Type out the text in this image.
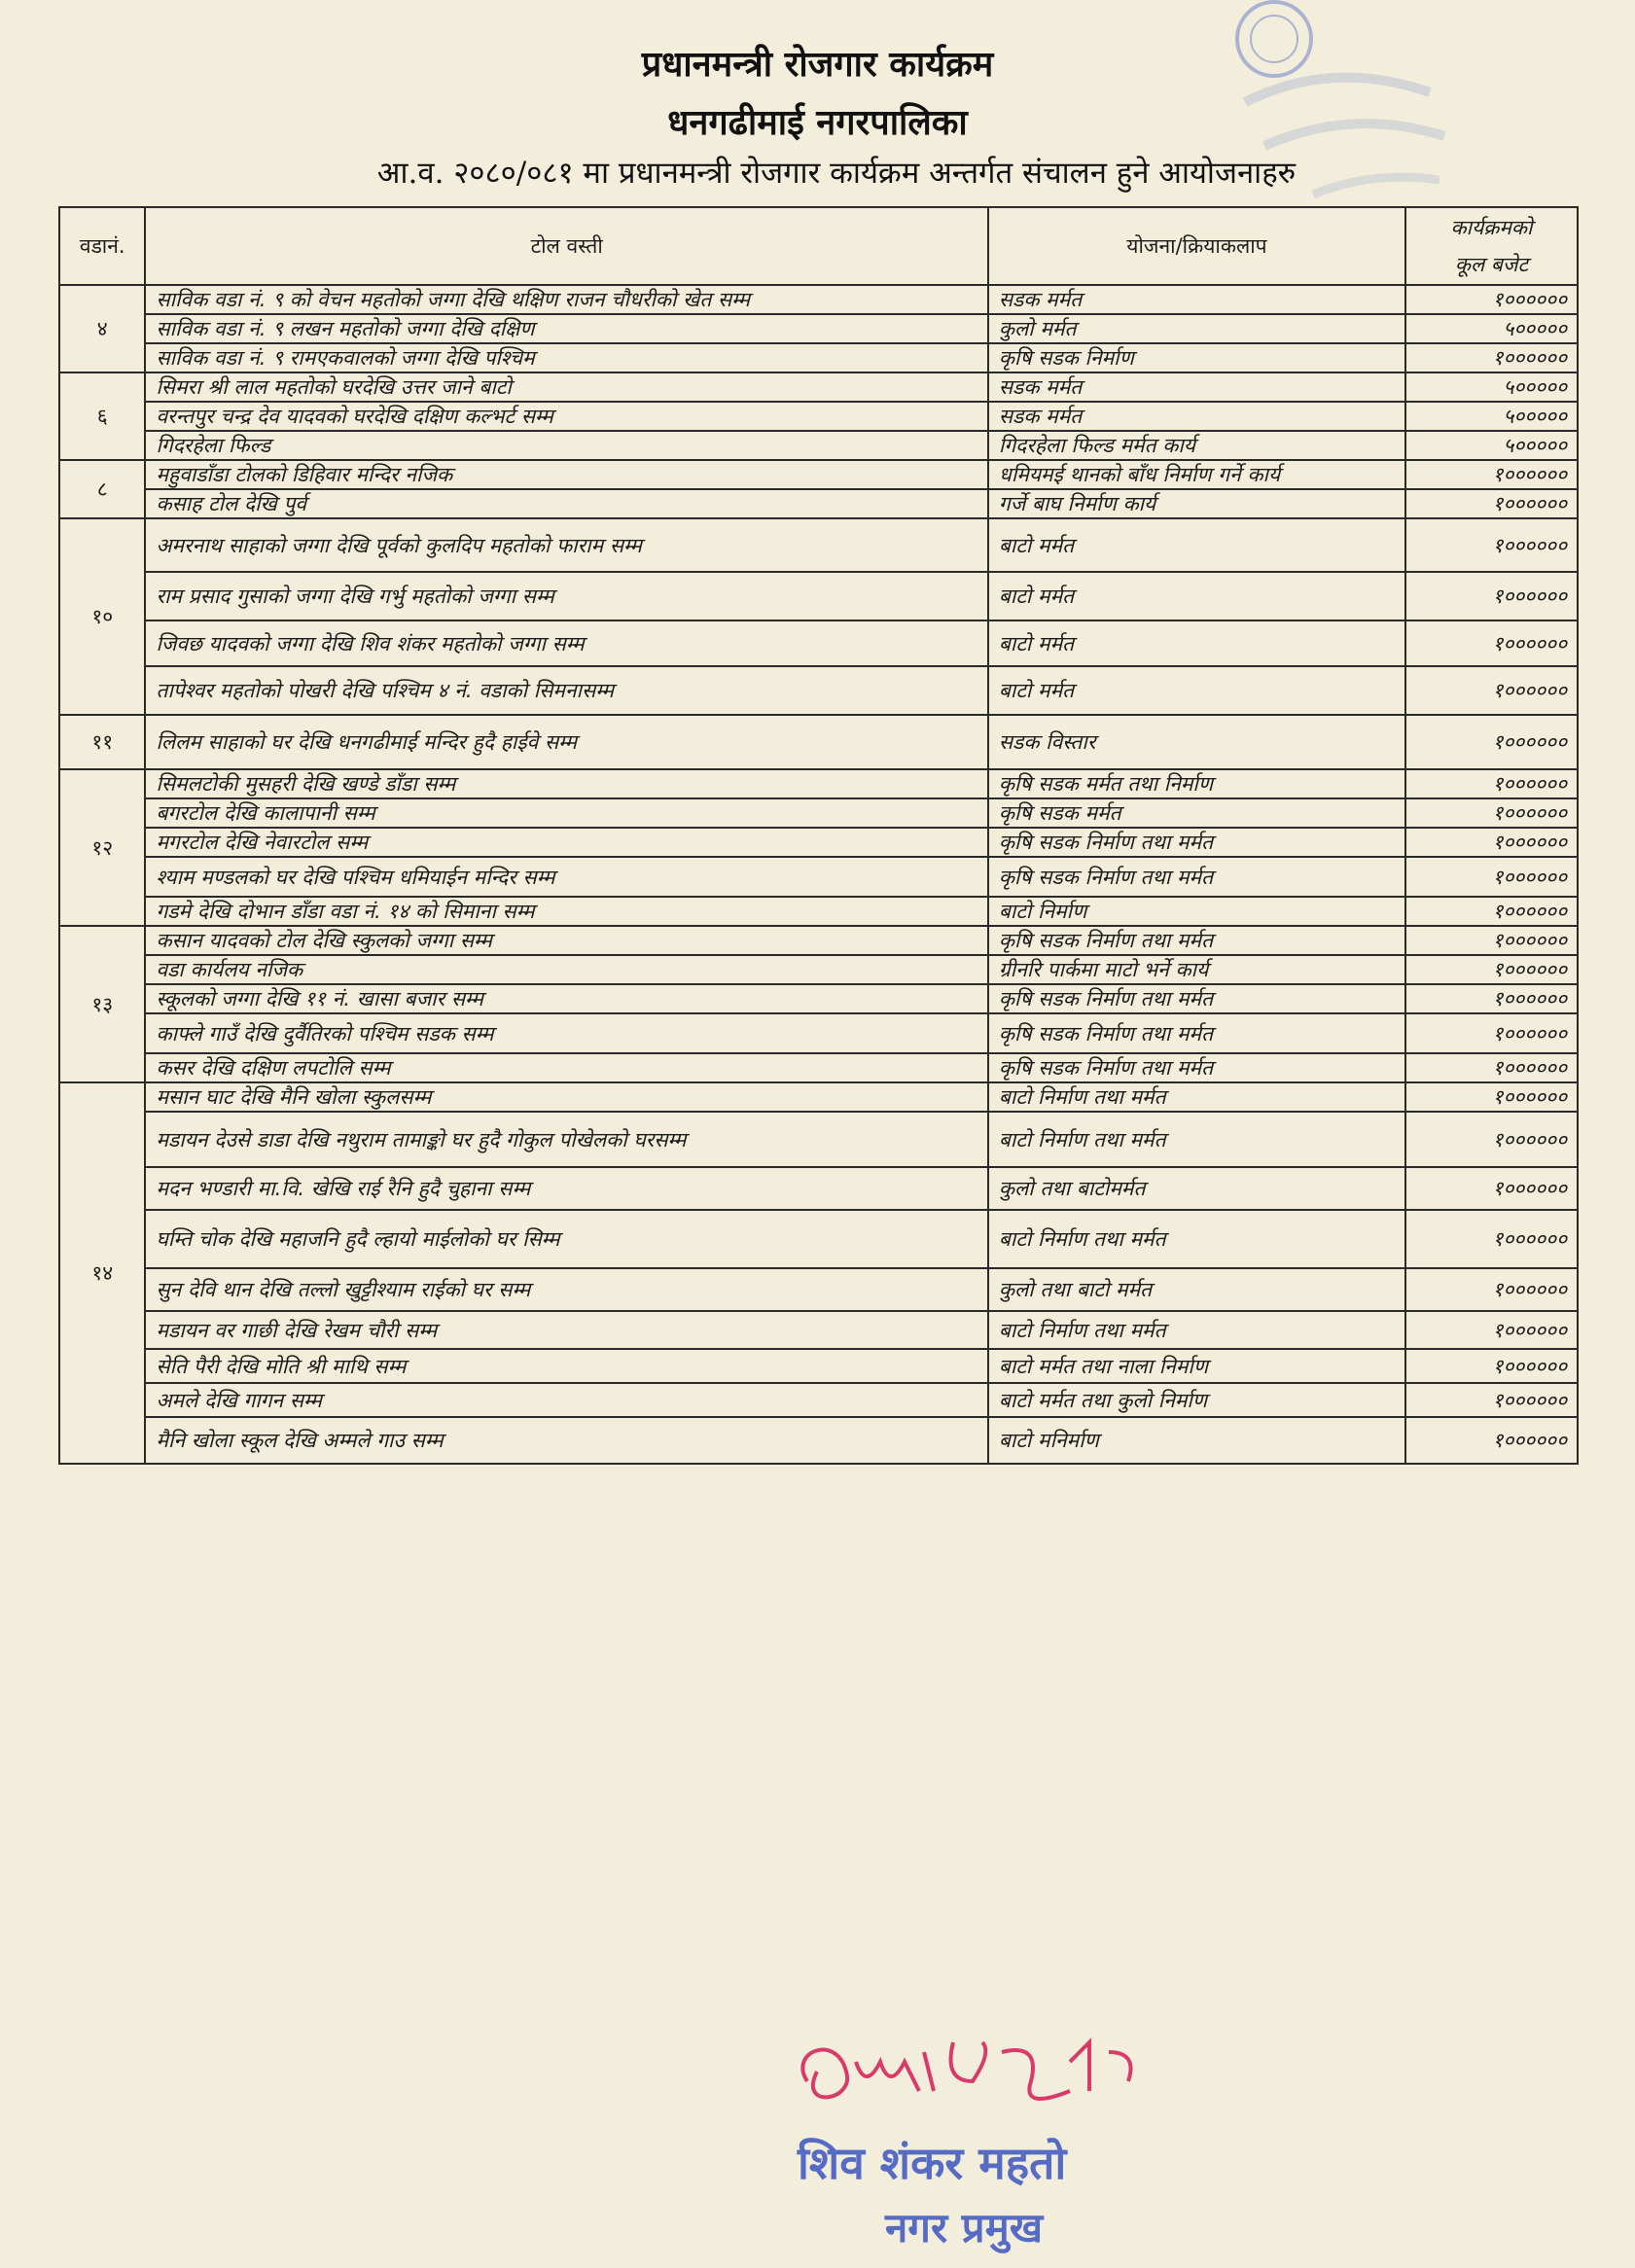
प्रधानमन्त्री रोजगार कार्यक्रम
धनगढीमाई नगरपालिका
आ.व. २०८०/०८१ मा प्रधानमन्त्री रोजगार कार्यक्रम अन्तर्गत संचालन हुने आयोजनाहरु
वडानं.	टोल वस्ती	योजना/क्रियाकलाप	कार्यक्रमको
कूल बजेट

४	साविक वडा नं. ९ को वेचन महतोको जग्गा देखि थक्षिण राजन चौधरीको खेत सम्म	सडक मर्मत	१००००००
	साविक वडा नं. ९ लखन महतोको जग्गा देखि दक्षिण	कुलो मर्मत	५०००००
	साविक वडा नं. ९ रामएकवालको जग्गा देखि पश्चिम	कृषि सडक निर्माण	१००००००
६	सिमरा श्री लाल महतोको घरदेखि उत्तर जाने बाटो	सडक मर्मत	५०००००
	वरन्तपुर चन्द्र देव यादवको घरदेखि दक्षिण कल्भर्ट सम्म	सडक मर्मत	५०००००
	गिदरहेला फिल्ड	गिदरहेला फिल्ड मर्मत कार्य	५०००००
८	महुवाडाँडा टोलको डिहिवार मन्दिर नजिक	धमियमई थानको बाँध निर्माण गर्ने कार्य	१००००००
	कसाह टोल देखि पुर्व	गर्जे बाघ निर्माण कार्य	१००००००
१०	अमरनाथ साहाको जग्गा देखि पूर्वको कुलदिप महतोको फाराम सम्म	बाटो मर्मत	१००००००
	राम प्रसाद गुसाको जग्गा देखि गर्भु महतोको जग्गा सम्म	बाटो मर्मत	१००००००
	जिवछ यादवको जग्गा देखि शिव शंकर महतोको जग्गा सम्म	बाटो मर्मत	१००००००
	तापेश्वर महतोको पोखरी देखि पश्चिम ४ नं. वडाको सिमनासम्म	बाटो मर्मत	१००००००
११	लिलम साहाको घर देखि धनगढीमाई मन्दिर हुदै हाईवे सम्म	सडक विस्तार	१००००००
१२	सिमलटोकी मुसहरी देखि खण्डे डाँडा सम्म	कृषि सडक मर्मत तथा निर्माण	१००००००
	बगरटोल देखि कालापानी सम्म	कृषि सडक मर्मत	१००००००
	मगरटोल देखि नेवारटोल सम्म	कृषि सडक निर्माण तथा मर्मत	१००००००
	श्याम मण्डलको घर देखि पश्चिम धमियाईन मन्दिर सम्म	कृषि सडक निर्माण तथा मर्मत	१००००००
	गडमे देखि दोभान डाँडा वडा नं. १४ को सिमाना सम्म	बाटो निर्माण	१००००००
१३	कसान यादवको टोल देखि स्कुलको जग्गा सम्म	कृषि सडक निर्माण तथा मर्मत	१००००००
	वडा कार्यलय नजिक	ग्रीनरि पार्कमा माटो भर्ने कार्य	१००००००
	स्कूलको जग्गा देखि ११ नं. खासा बजार सम्म	कृषि सडक निर्माण तथा मर्मत	१००००००
	काफ्ले गाउँ देखि दुर्वैतिरको पश्चिम सडक सम्म	कृषि सडक निर्माण तथा मर्मत	१००००००
	कसर देखि दक्षिण लपटोलि सम्म	कृषि सडक निर्माण तथा मर्मत	१००००००
१४	मसान घाट देखि मैनि खोला स्कुलसम्म	बाटो निर्माण तथा मर्मत	१००००००
	मडायन देउसे डाडा देखि नथुराम तामाङ्को घर हुदै गोकुल पोखेलको घरसम्म	बाटो निर्माण तथा मर्मत	१००००००
	मदन भण्डारी मा.वि. खेखि राई रैनि हुदै चुहाना सम्म	कुलो तथा बाटोमर्मत	१००००००
	घम्ति चोक देखि महाजनि हुदै ल्हायो माईलोको घर सिम्म	बाटो निर्माण तथा मर्मत	१००००००
	सुन देवि थान देखि तल्लो खुट्टीश्याम राईको घर सम्म	कुलो तथा बाटो मर्मत	१००००००
	मडायन वर गाछी देखि रेखम चौरी सम्म	बाटो निर्माण तथा मर्मत	१००००००
	सेति पैरी देखि मोति श्री माथि सम्म	बाटो मर्मत तथा नाला निर्माण	१००००००
	अमले देखि गागन सम्म	बाटो मर्मत तथा कुलो निर्माण	१००००००
	मैनि खोला स्कूल देखि अम्मले गाउ सम्म	बाटो मनिर्माण	१००००००
शिव शंकर महतो
नगर प्रमुख
